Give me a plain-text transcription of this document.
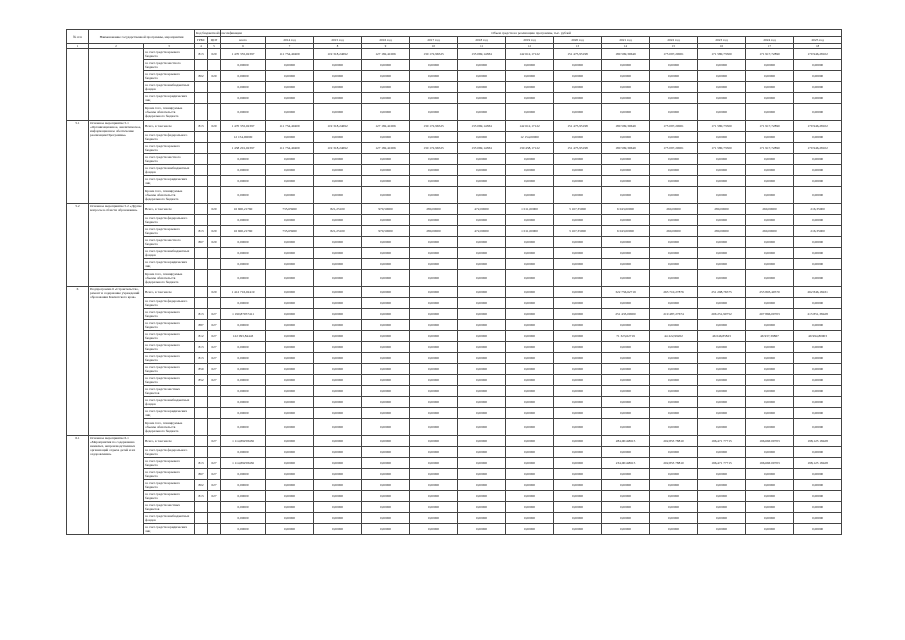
№ п/п	Наименование государственной программы, мероприятия		Код бюджетной классификации		Объем средств на реализацию программы, тыс. рублей												
			ГРБС	ЦСР	всего	2014 год	2015 год	2016 год	2017 год	2018 год	2019 год	2020 год	2021 год	2022 год	2023 год	2024 год	2025 год
1	2	3	4	5	6	7	8	9	10	11	12	13	14	15	16	17	18
		за счет средств краевого бюджета	813	020	1 470 355,02397	111 754,40409	119 318,24692	127 182,41006	130 172,96525	135 069,14384	142 612,17122	151 475,95198	180 599,30649	175 097,20001	171 580,73500	171 917,72890	170 946,28102
		за счет средств местного бюджета			0,00000	0,00000	0,00000	0,00000	0,00000	0,00000	0,00000	0,00000	0,00000	0,00000	0,00000	0,00000	0,00000
		за счет средств краевого бюджета	802	020	0,00000	0,00000	0,00000	0,00000	0,00000	0,00000	0,00000	0,00000	0,00000	0,00000	0,00000	0,00000	0,00000
		за счет средств внебюджетных фондов			0,00000	0,00000	0,00000	0,00000	0,00000	0,00000	0,00000	0,00000	0,00000	0,00000	0,00000	0,00000	0,00000
		за счет средств юридических лиц			0,00000	0,00000	0,00000	0,00000	0,00000	0,00000	0,00000	0,00000	0,00000	0,00000	0,00000	0,00000	0,00000
		Кроме того, планируемые объемы обязательств федерального бюджета			0,00000	0,00000	0,00000	0,00000	0,00000	0,00000	0,00000	0,00000	0,00000	0,00000	0,00000	0,00000	0,00000
5.1	Основное мероприятие 5.1 «Организационное, аналитическое, информационное обеспечение реализации Программы»	Всего, в том числе	813	020	1 470 355,02397	111 754,40409	119 318,24692	127 182,41006	130 172,96525	133 069,14384	142 612,17122	151 475,95198	180 599,30649	175 097,20001	171 580,73500	171 917,72890	170 946,28102
		за счет средств федерального бюджета			12 154,00000	0,00000	0,00000	0,00000	0,00000	0,00000	12 154,00000	0,00000	0,00000	0,00000	0,00000	0,00000	0,00000
		за счет средств краевого бюджета			1 458 201,02397	111 754,40409	119 318,24692	127 182,41006	130 172,96525	133 069,14384	130 458,17122	151 475,95198	180 599,30649	175 097,20001	171 580,73500	171 917,72890	170 946,28102
		за счет средств местного бюджета			0,00000	0,00000	0,00000	0,00000	0,00000	0,00000	0,00000	0,00000	0,00000	0,00000	0,00000	0,00000	0,00000
		за счет средств внебюджетных фондов			0,00000	0,00000	0,00000	0,00000	0,00000	0,00000	0,00000	0,00000	0,00000	0,00000	0,00000	0,00000	0,00000
		за счет средств юридических лиц			0,00000	0,00000	0,00000	0,00000	0,00000	0,00000	0,00000	0,00000	0,00000	0,00000	0,00000	0,00000	0,00000
		Кроме того, планируемые объемы обязательств федерального бюджета			0,00000	0,00000	0,00000	0,00000	0,00000	0,00000	0,00000	0,00000	0,00000	0,00000	0,00000	0,00000	0,00000
5.2	Основное мероприятие 5.2 «Другие вопросы в области образования»	Всего, в том числе		020	16 600,21760	735,65960	821,25100	970,50000	280,00000	472,00000	1 011,00000	3 167,35000	6 043,00000	260,00000	280,00000	260,00000	216,35000
		за счет средств федерального бюджета			0,00000	0,00000	0,00000	0,00000	0,00000	0,00000	0,00000	0,00000	0,00000	0,00000	0,00000	0,00000	0,00000
		за счет средств краевого бюджета	813	020	16 600,21760	735,65960	821,25100	970,50000	280,00000	472,00000	1 011,00000	3 167,35000	6 043,00000	260,00000	280,00000	260,00000	216,35000
		за счет средств местного бюджета	867	020	0,00000	0,00000	0,00000	0,00000	0,00000	0,00000	0,00000	0,00000	0,00000	0,00000	0,00000	0,00000	0,00000
		за счет средств внебюджетных фондов			0,00000	0,00000	0,00000	0,00000	0,00000	0,00000	0,00000	0,00000	0,00000	0,00000	0,00000	0,00000	0,00000
		за счет средств юридических лиц			0,00000	0,00000	0,00000	0,00000	0,00000	0,00000	0,00000	0,00000	0,00000	0,00000	0,00000	0,00000	0,00000
		Кроме того, планируемые объемы обязательств федерального бюджета			0,00000	0,00000	0,00000	0,00000	0,00000	0,00000	0,00000	0,00000	0,00000	0,00000	0,00000	0,00000	0,00000
6	Подпрограмма 6 «Строительство, ремонт и содержание учреждений образования Камчатского края»	Всего, в том числе		020	1 412 716,02419	0,00000	0,00000	0,00000	0,00000	0,00000	0,00000	0,00000	322 756,62719	263 710,27876	251 298,76575	253 803,40570	262 846,18431
		за счет средств федерального бюджета			0,00000	0,00000	0,00000	0,00000	0,00000	0,00000	0,00000	0,00000	0,00000	0,00000	0,00000	0,00000	0,00000
		за счет средств краевого бюджета	813	027	1 190,87057411	0,00000	0,00000	0,00000	0,00000	0,00000	0,00000	0,00000	251 433,00000	219 487,27674	206 251,90752	207 866,00703	215 851,38428
		за счет средств краевого бюджета	887	027	0,00000	0,00000	0,00000	0,00000	0,00000	0,00000	0,00000	0,00000	0,00000	0,00000	0,00000	0,00000	0,00000
		за счет средств краевого бюджета	812	027	122 093,84443	0,00000	0,00000	0,00000	0,00000	0,00000	0,00000	0,00000	71 323,62719	44 222,99202	46 046,85823	46 937,39867	46 994,80003
		за счет средств краевого бюджета	813	027	0,00000	0,00000	0,00000	0,00000	0,00000	0,00000	0,00000	0,00000	0,00000	0,00000	0,00000	0,00000	0,00000
		за счет средств краевого бюджета	813	027	0,00000	0,00000	0,00000	0,00000	0,00000	0,00000	0,00000	0,00000	0,00000	0,00000	0,00000	0,00000	0,00000
		за счет средств краевого бюджета	850	027	0,00000	0,00000	0,00000	0,00000	0,00000	0,00000	0,00000	0,00000	0,00000	0,00000	0,00000	0,00000	0,00000
		за счет средств краевого бюджета	852	027	0,00000	0,00000	0,00000	0,00000	0,00000	0,00000	0,00000	0,00000	0,00000	0,00000	0,00000	0,00000	0,00000
		за счет средств местных бюджетов			0,00000	0,00000	0,00000	0,00000	0,00000	0,00000	0,00000	0,00000	0,00000	0,00000	0,00000	0,00000	0,00000
		за счет средств внебюджетных фондов			0,00000	0,00000	0,00000	0,00000	0,00000	0,00000	0,00000	0,00000	0,00000	0,00000	0,00000	0,00000	0,00000
		за счет средств юридических лиц			0,00000	0,00000	0,00000	0,00000	0,00000	0,00000	0,00000	0,00000	0,00000	0,00000	0,00000	0,00000	0,00000
		Кроме того, планируемые объемы обязательств федерального бюджета			0,00000	0,00000	0,00000	0,00000	0,00000	0,00000	0,00000	0,00000	0,00000	0,00000	0,00000	0,00000	0,00000
6.1	Основное мероприятие 6.1 «Мероприятия по содержанию нежилых, непроизводственных организаций отдыха детей и их оздоровления»	Всего, в том числе		027	1 114,89258436	0,00000	0,00000	0,00000	0,00000	0,00000	0,00000	0,00000	284,00148615	202,853 78810	196,471 77715	196,666 00703	198,123 18428
		за счет средств федерального бюджета			0,00000	0,00000	0,00000	0,00000	0,00000	0,00000	0,00000	0,00000	0,00000	0,00000	0,00000	0,00000	0,00000
		за счет средств краевого бюджета	813	027	1 114,89258436	0,00000	0,00000	0,00000	0,00000	0,00000	0,00000	0,00000	234,00148615	202,853 78810	196,471 77715	196,666 00703	198,123 18428
		за счет средств краевого бюджета	867	027	0,00000	0,00000	0,00000	0,00000	0,00000	0,00000	0,00000	0,00000	0,00000	0,00000	0,00000	0,00000	0,00000
		за счет средств краевого бюджета	802	027	0,00000	0,00000	0,00000	0,00000	0,00000	0,00000	0,00000	0,00000	0,00000	0,00000	0,00000	0,00000	0,00000
		за счет средств краевого бюджета	813	027	0,00000	0,00000	0,00000	0,00000	0,00000	0,00000	0,00000	0,00000	0,00000	0,00000	0,00000	0,00000	0,00000
		за счет средств местных бюджетов			0,00000	0,00000	0,00000	0,00000	0,00000	0,00000	0,00000	0,00000	0,00000	0,00000	0,00000	0,00000	0,00000
		за счет средств внебюджетных фондов			0,00000	0,00000	0,00000	0,00000	0,00000	0,00000	0,00000	0,00000	0,00000	0,00000	0,00000	0,00000	0,00000
		за счет средств юридических лиц			0,00000	0,00000	0,00000	0,00000	0,00000	0,00000	0,00000	0,00000	0,00000	0,00000	0,00000	0,00000	0,00000
